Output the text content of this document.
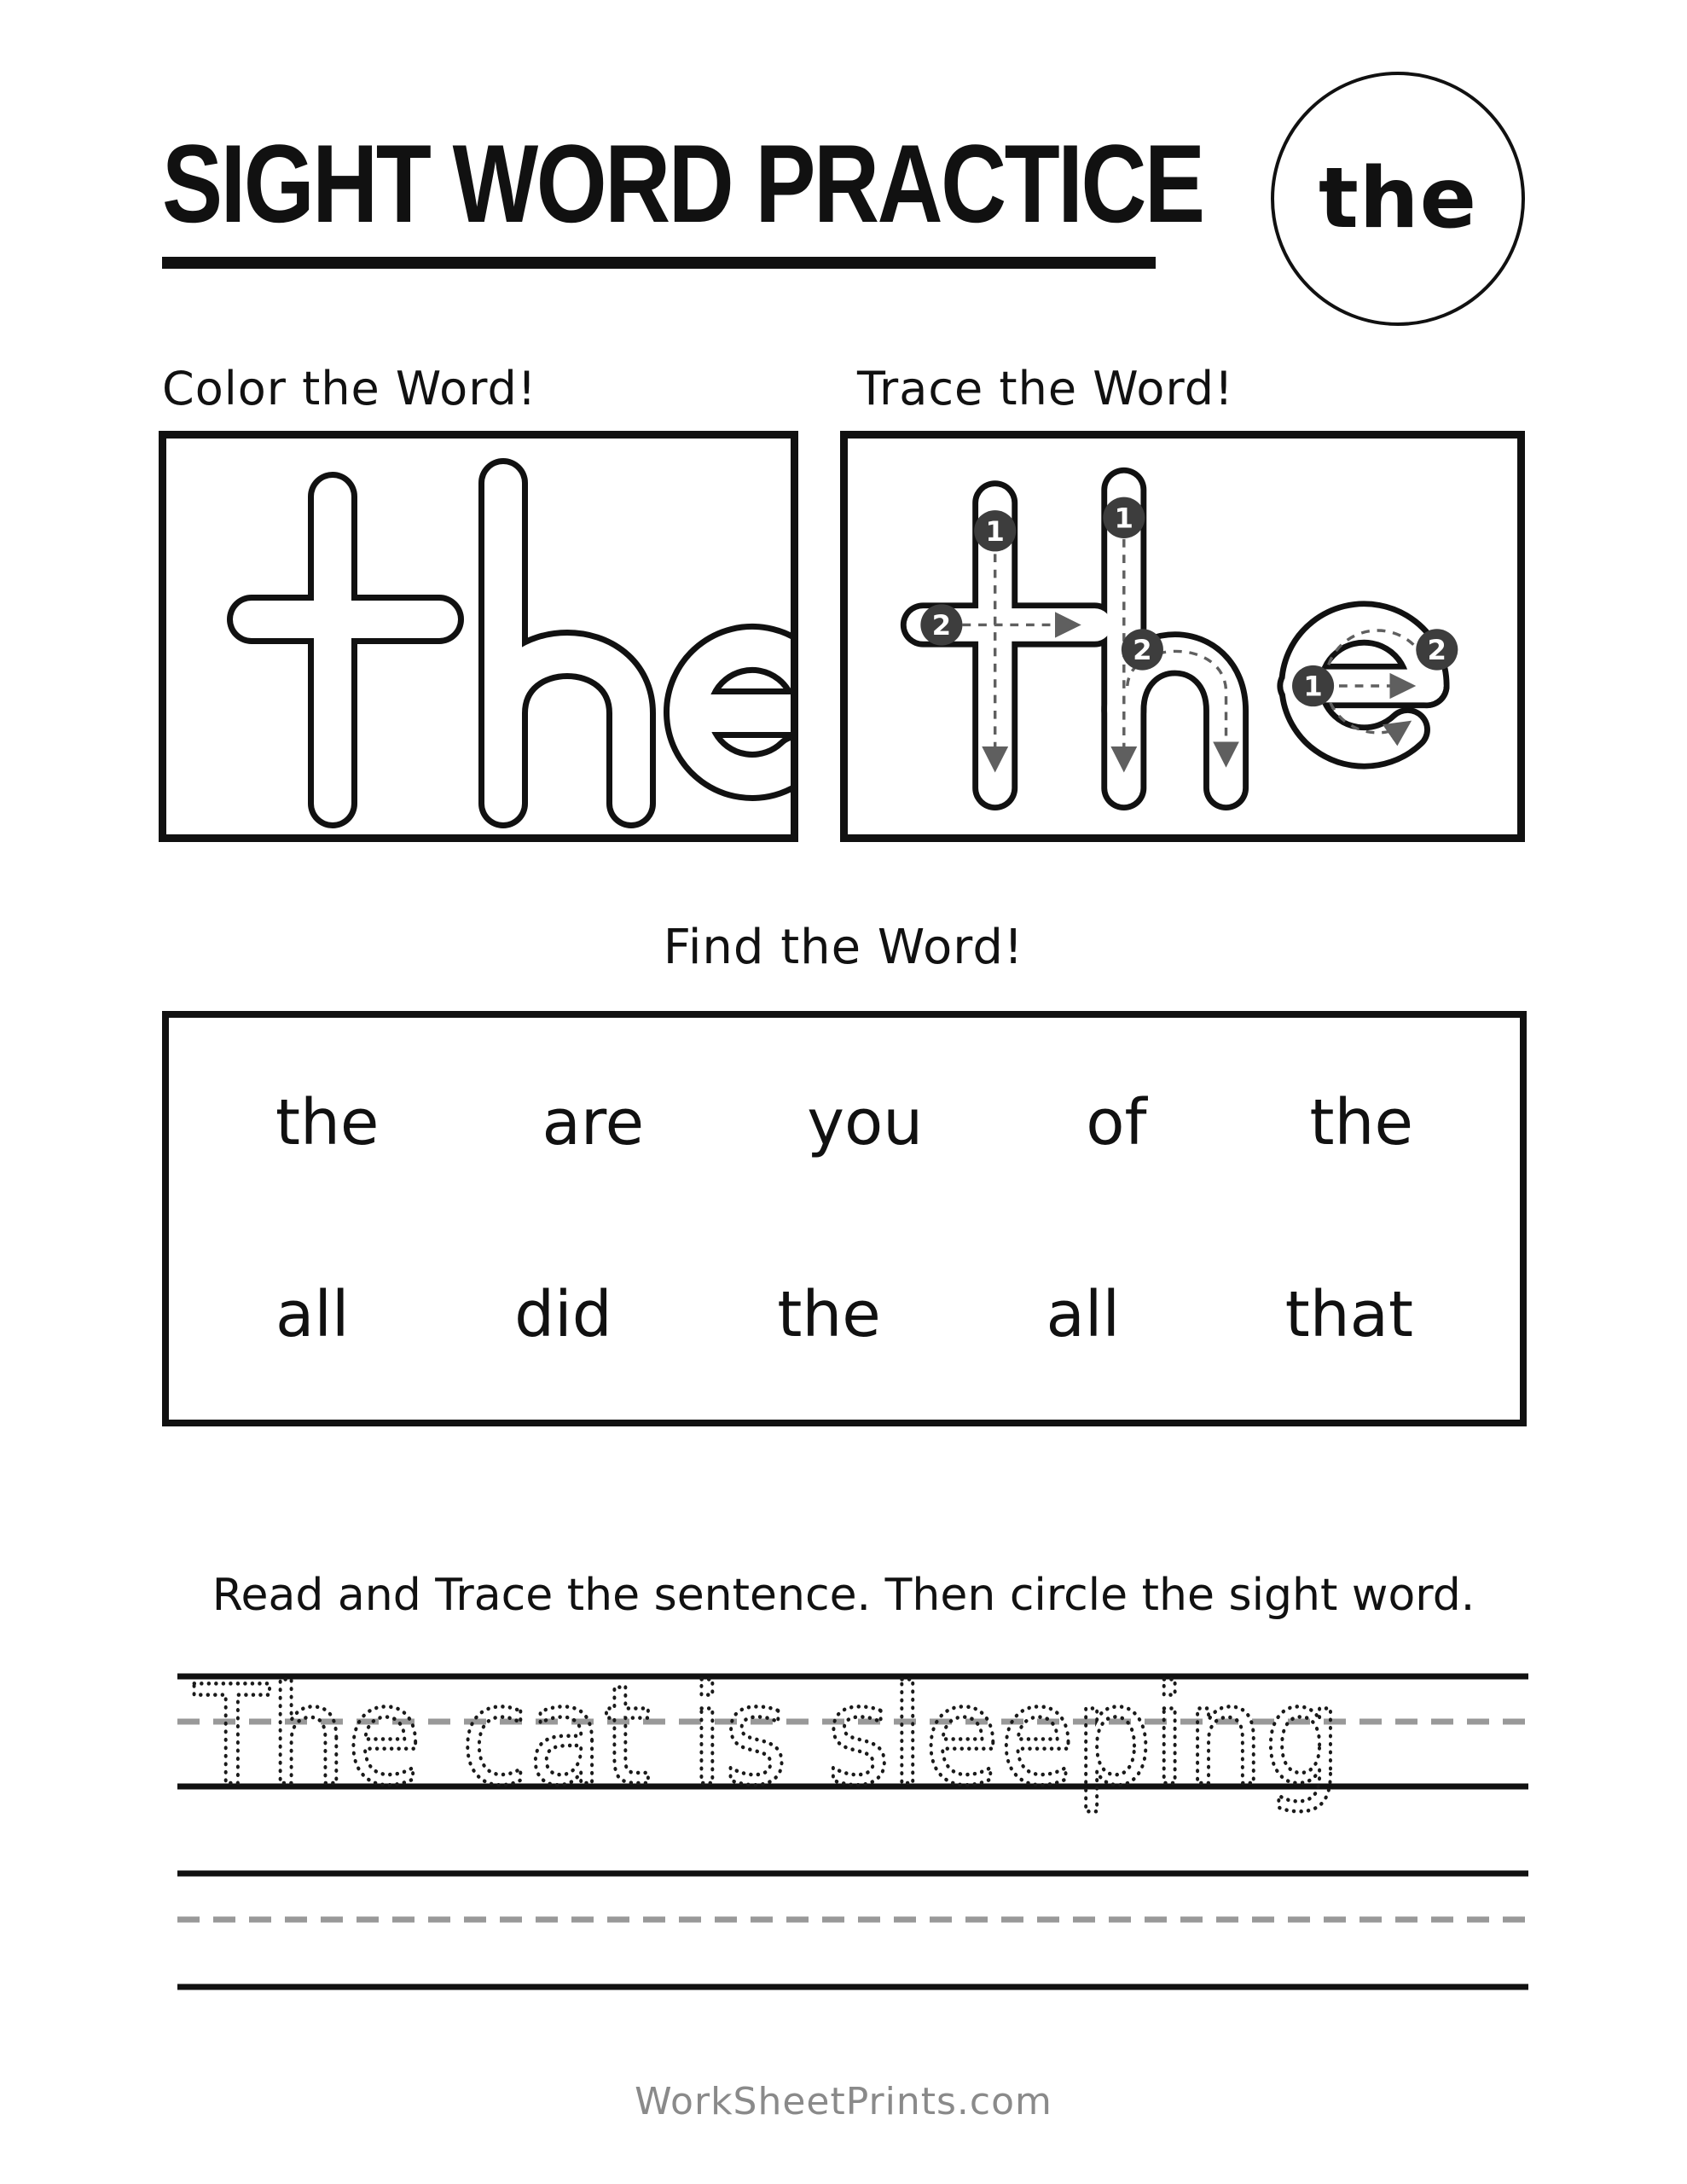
SIGHT WORD PRACTICE the
Color the Word!	Trace the Word!
1
2
1
2
1
2
Find the Word!
the	are	you	of	the
all	did	the	all	that
Read and Trace the sentence. Then circle the sight word.
The cat is sleeping
WorkSheetPrints.com
